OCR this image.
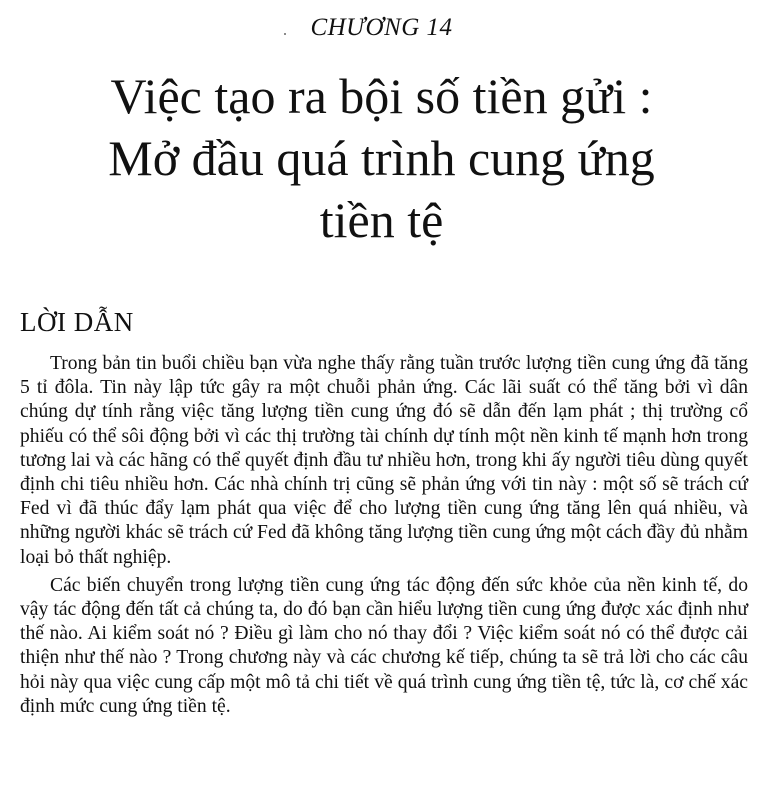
CHƯƠNG 14
Việc tạo ra bội số tiền gửi :
Mở đầu quá trình cung ứng
tiền tệ
LỜI DẪN

Trong bản tin buổi chiều bạn vừa nghe thấy rằng tuần trước lượng tiền cung ứng đã tăng 5 tỉ đôla. Tin này lập tức gây ra một chuỗi phản ứng. Các lãi suất có thể tăng bởi vì dân chúng dự tính rằng việc tăng lượng tiền cung ứng đó sẽ dẫn đến lạm phát ; thị trường cổ phiếu có thể sôi động bởi vì các thị trường tài chính dự tính một nền kinh tế mạnh hơn trong tương lai và các hãng có thể quyết định đầu tư nhiều hơn, trong khi ấy người tiêu dùng quyết định chi tiêu nhiều hơn. Các nhà chính trị cũng sẽ phản ứng với tin này : một số sẽ trách cứ Fed vì đã thúc đẩy lạm phát qua việc để cho lượng tiền cung ứng tăng lên quá nhiều, và những người khác sẽ trách cứ Fed đã không tăng lượng tiền cung ứng một cách đầy đủ nhằm loại bỏ thất nghiệp.

Các biến chuyển trong lượng tiền cung ứng tác động đến sức khỏe của nền kinh tế, do vậy tác động đến tất cả chúng ta, do đó bạn cần hiểu lượng tiền cung ứng được xác định như thế nào. Ai kiểm soát nó ? Điều gì làm cho nó thay đổi ? Việc kiểm soát nó có thể được cải thiện như thế nào ? Trong chương này và các chương kế tiếp, chúng ta sẽ trả lời cho các câu hỏi này qua việc cung cấp một mô tả chi tiết về quá trình cung ứng tiền tệ, tức là, cơ chế xác định mức cung ứng tiền tệ.
